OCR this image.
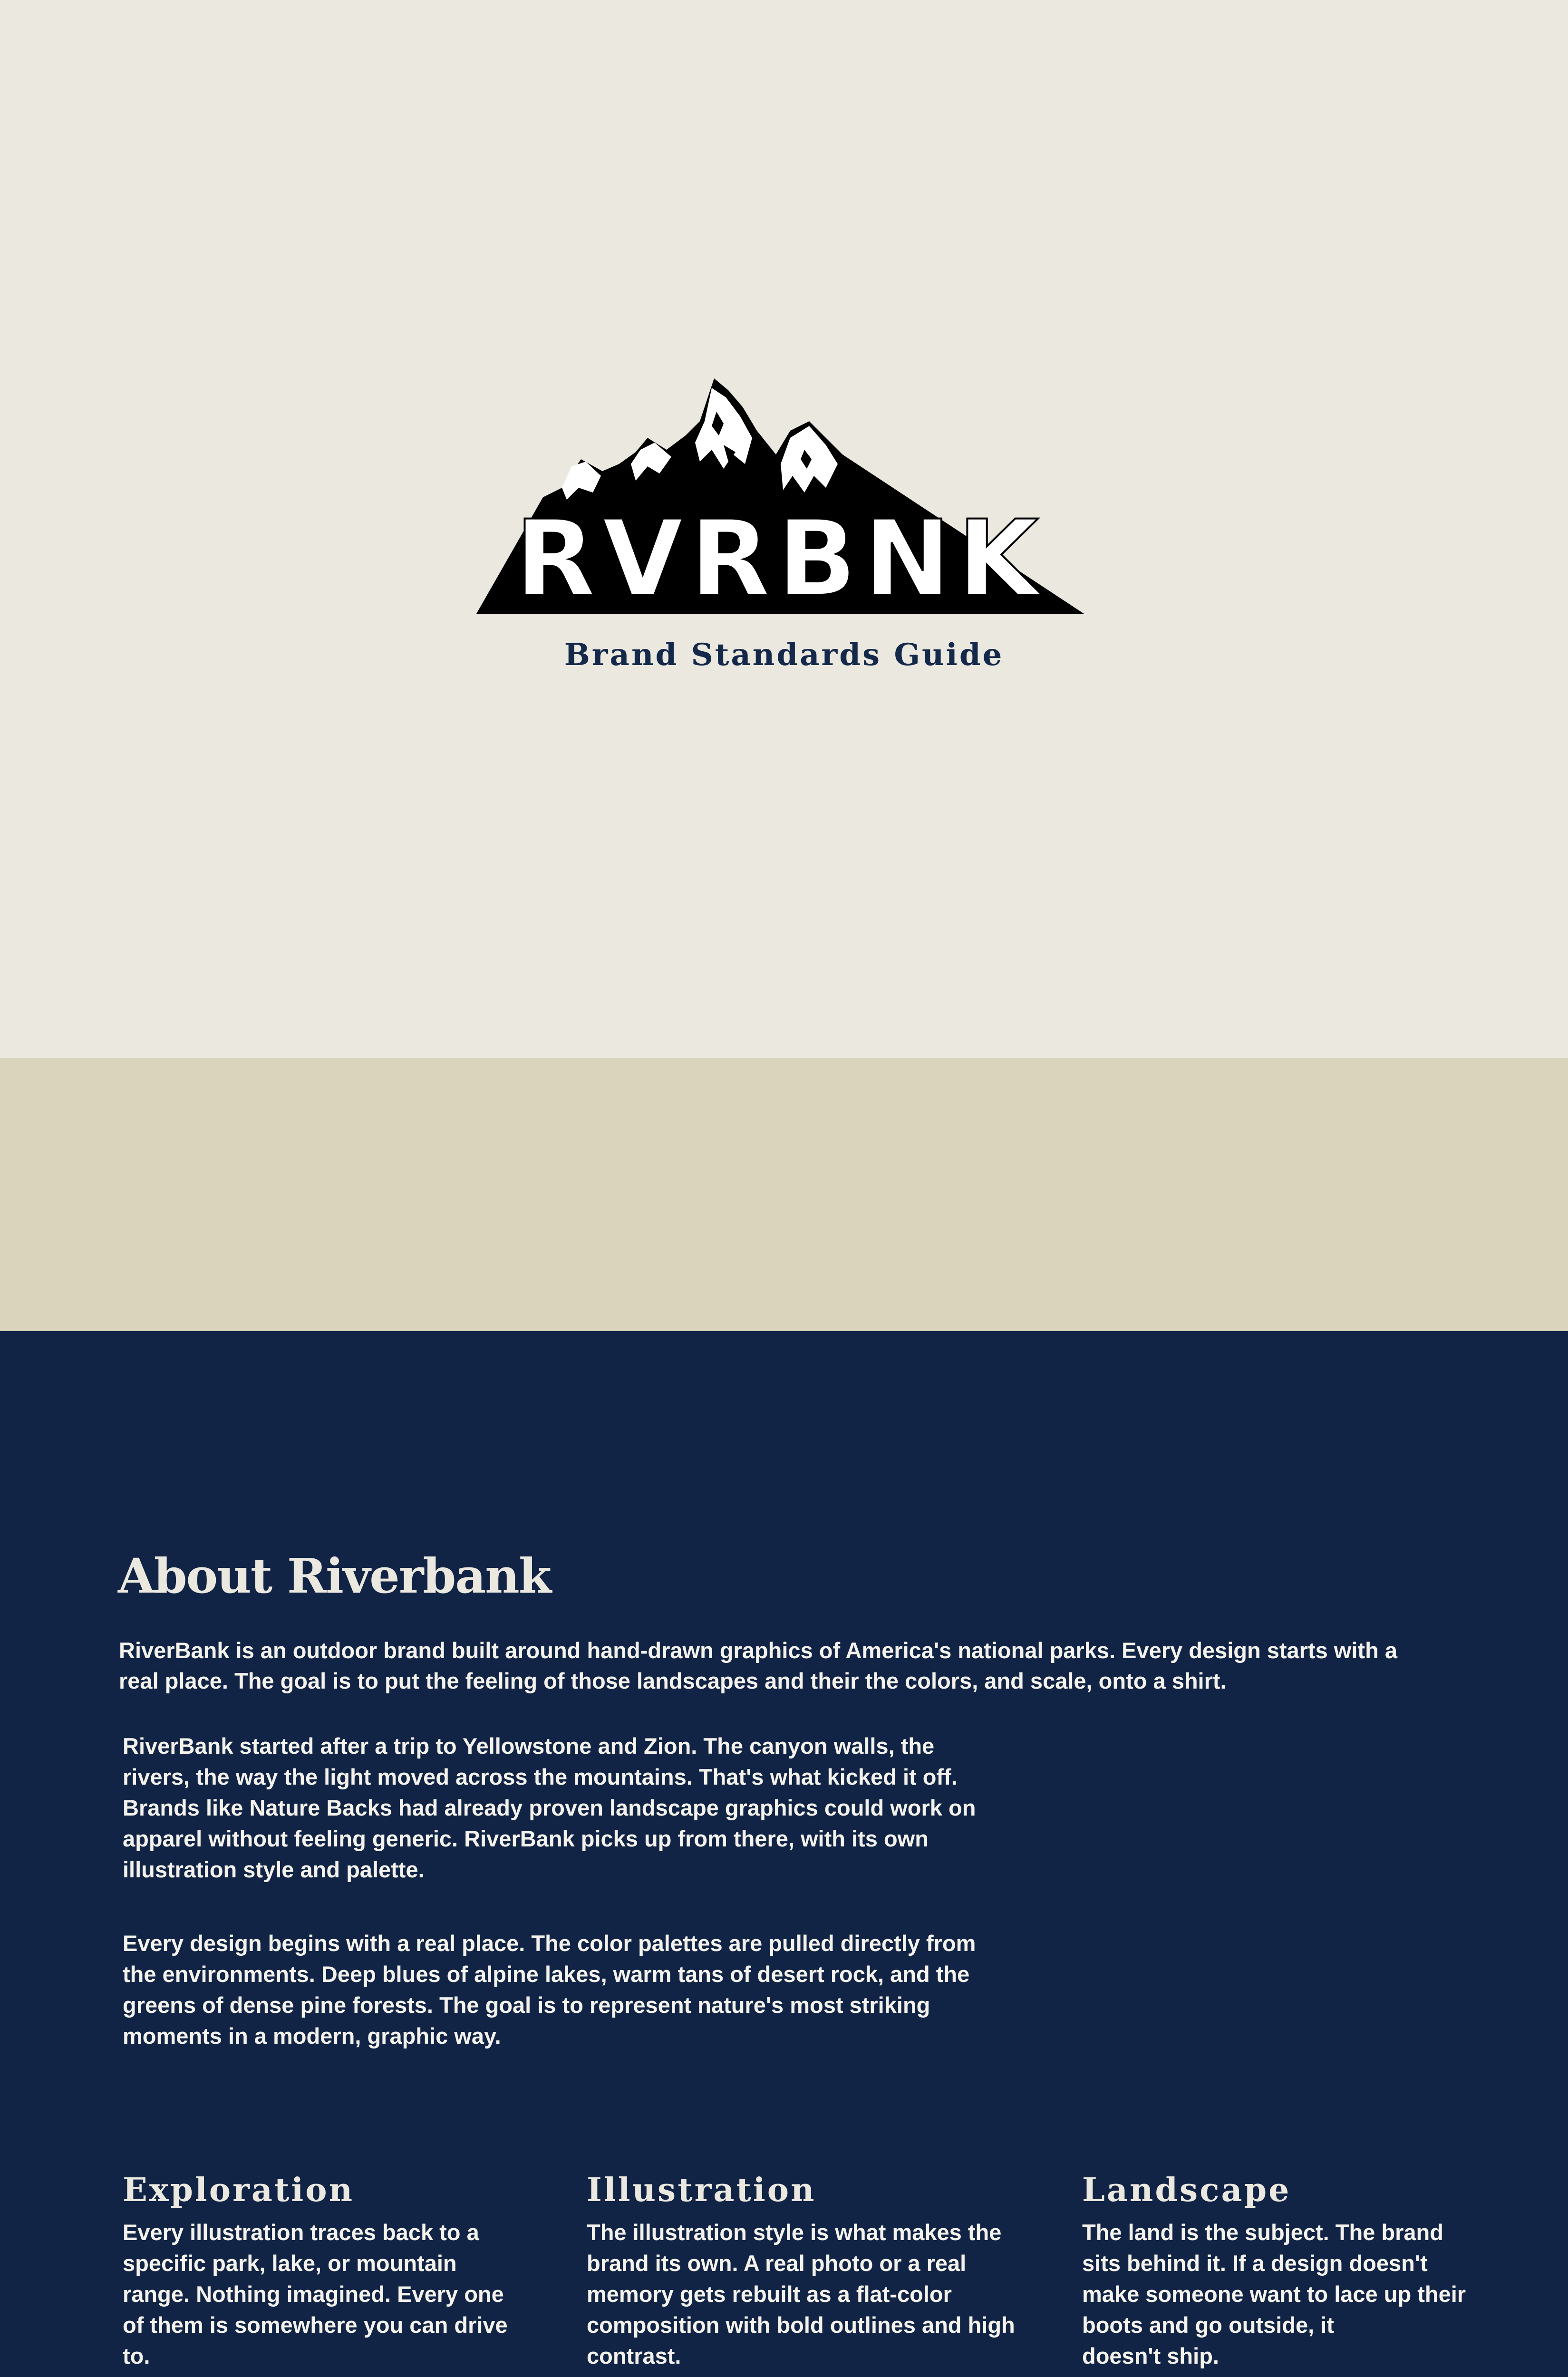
RVRBNK
Brand Standards Guide
About Riverbank

RiverBank is an outdoor brand built around hand-drawn graphics of America's national parks. Every design starts with a real place. The goal is to put the feeling of those landscapes and their the colors, and scale, onto a shirt.

RiverBank started after a trip to Yellowstone and Zion. The canyon walls, the rivers, the way the light moved across the mountains. That's what kicked it off. Brands like Nature Backs had already proven landscape graphics could work on apparel without feeling generic. RiverBank picks up from there, with its own illustration style and palette.

Every design begins with a real place. The color palettes are pulled directly from the environments. Deep blues of alpine lakes, warm tans of desert rock, and the greens of dense pine forests. The goal is to represent nature's most striking moments in a modern, graphic way.

Exploration

Every illustration traces back to a specific park, lake, or mountain range. Nothing imagined. Every one of them is somewhere you can drive to.

Illustration

The illustration style is what makes the brand its own. A real photo or a real memory gets rebuilt as a flat-color composition with bold outlines and high contrast.

Landscape

The land is the subject. The brand sits behind it. If a design doesn't make someone want to lace up their boots and go outside, it
doesn't ship.
